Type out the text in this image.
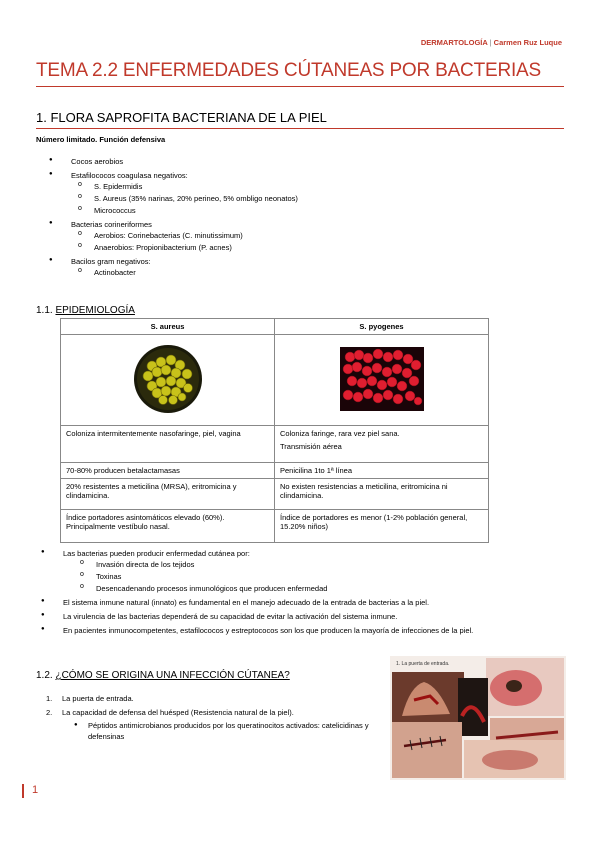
DERMARTOLOGÍA | Carmen Ruz Luque
TEMA 2.2 ENFERMEDADES CÚTANEAS POR BACTERIAS
1. FLORA SAPROFITA BACTERIANA DE LA PIEL
Número limitado. Función defensiva
● Cocos aerobios
● Estafilococos coagulasa negativos:
o S. Epidermidis
o S. Aureus (35% narinas, 20% perineo, 5% ombligo neonatos)
o Micrococcus
● Bacterias corineriformes
o Aerobios: Corinebacterias (C. minutissimum)
o Anaerobios: Propionibacterium (P. acnes)
● Bacilos gram negativos:
o Actinobacter
1.1. EPIDEMIOLOGÍA
S. aureus	S. pyogenes

Coloniza intermitentemente nasofaringe, piel, vagina	Coloniza faringe, rara vez piel sana.
Transmisión aérea

70-80% producen betalactamasas	Penicilina 1to 1ª línea
20% resistentes a meticilina (MRSA), eritromicina y clindamicina.	No existen resistencias a meticilina, eritromicina ni clindamicina.
Índice portadores asintomáticos elevado (60%). Principalmente vestíbulo nasal.	Índice de portadores es menor (1-2% población general, 15.20% niños)
● Las bacterias pueden producir enfermedad cutánea por:
o Invasión directa de los tejidos
o Toxinas
o Desencadenando procesos inmunológicos que producen enfermedad
● El sistema inmune natural (innato) es fundamental en el manejo adecuado de la entrada de bacterias a la piel.
● La virulencia de las bacterias dependerá de su capacidad de evitar la activación del sistema inmune.
● En pacientes inmunocompetentes, estafilococos y estreptococos son los que producen la mayoría de infecciones de la piel.
1.2. ¿CÓMO SE ORIGINA UNA INFECCIÓN CÚTANEA?
1. La puerta de entrada.
2. La capacidad de defensa del huésped (Resistencia natural de la piel).
● Péptidos antimicrobianos producidos por los queratinocitos activados: catelicidinas y defensinas
1. La puerta de entrada.
1
